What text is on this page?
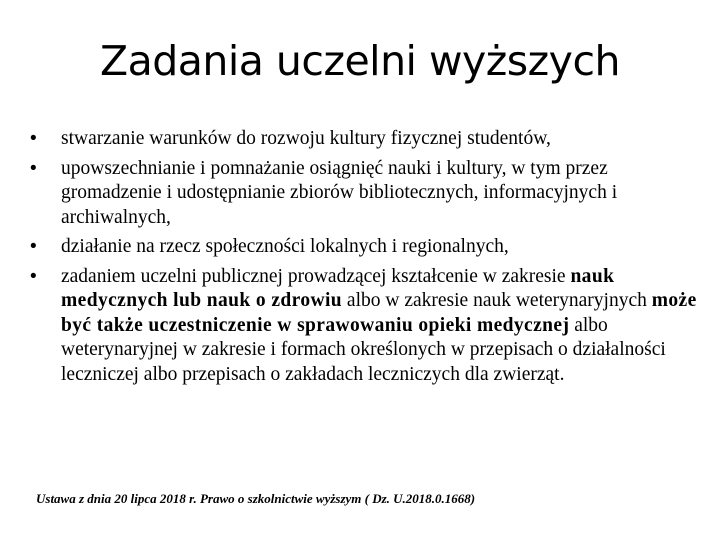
Zadania uczelni wyższych
•	stwarzanie warunków do rozwoju kultury fizycznej studentów,
•	upowszechnianie i pomnażanie osiągnięć nauki i kultury, w tym przez gromadzenie i udostępnianie zbiorów bibliotecznych, informacyjnych i archiwalnych,
•	działanie na rzecz społeczności lokalnych i regionalnych,
•	zadaniem uczelni publicznej prowadzącej kształcenie w zakresie nauk medycznych lub nauk o zdrowiu albo w zakresie nauk weterynaryjnych może być także uczestniczenie w sprawowaniu opieki medycznej albo weterynaryjnej w zakresie i formach określonych w przepisach o działalności leczniczej albo przepisach o zakładach leczniczych dla zwierząt.
Ustawa z dnia 20 lipca 2018 r. Prawo o szkolnictwie wyższym ( Dz. U.2018.0.1668)
